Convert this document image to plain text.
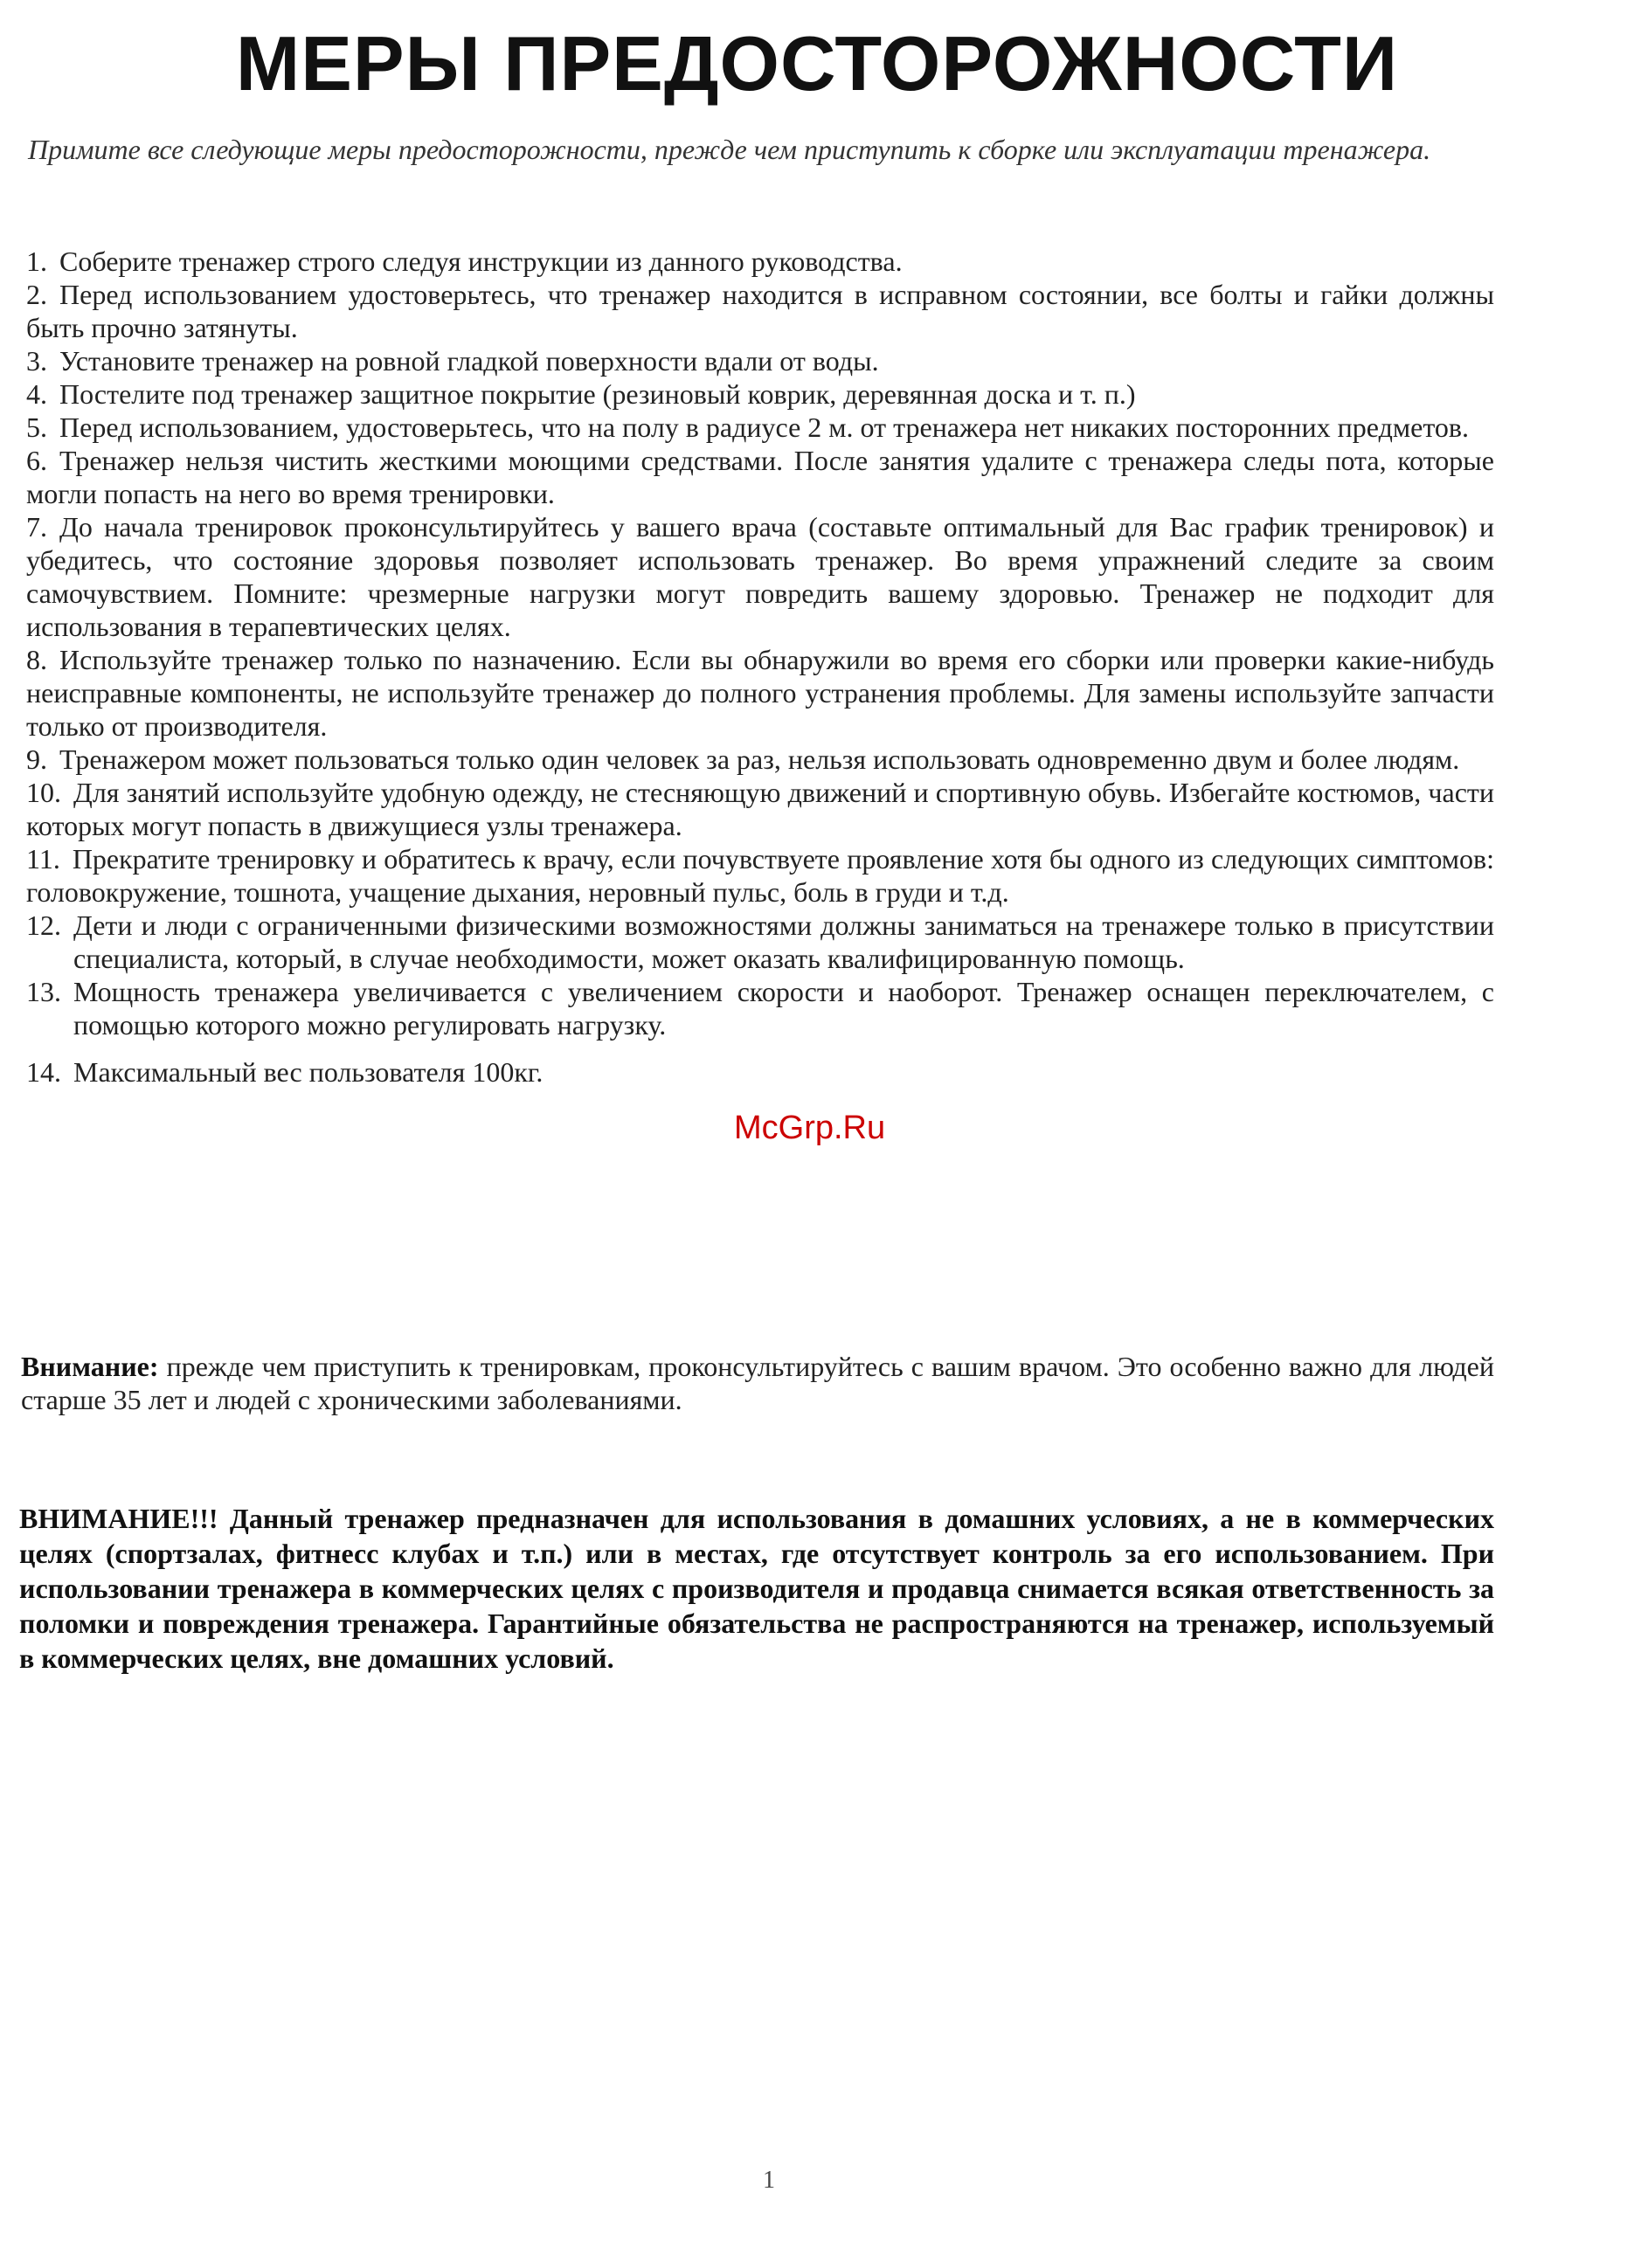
МЕРЫ ПРЕДОСТОРОЖНОСТИ

Примите все следующие меры предосторожности, прежде чем приступить к сборке или эксплуатации тренажера.

1. Соберите тренажер строго следуя инструкции из данного руководства.
2. Перед использованием удостоверьтесь, что тренажер находится в исправном состоянии, все болты и гайки должны быть прочно затянуты.
3. Установите тренажер на ровной гладкой поверхности вдали от воды.
4. Постелите под тренажер защитное покрытие (резиновый коврик, деревянная доска и т. п.)
5. Перед использованием, удостоверьтесь, что на полу в радиусе 2 м. от тренажера нет никаких посторонних предметов.
6. Тренажер нельзя чистить жесткими моющими средствами. После занятия удалите с тренажера следы пота, которые могли попасть на него во время тренировки.
7. До начала тренировок проконсультируйтесь у вашего врача (составьте оптимальный для Вас график тренировок) и убедитесь, что состояние здоровья позволяет использовать тренажер. Во время упражнений следите за своим самочувствием. Помните: чрезмерные нагрузки могут повредить вашему здоровью. Тренажер не подходит для использования в терапевтических целях.
8. Используйте тренажер только по назначению. Если вы обнаружили во время его сборки или проверки какие-нибудь неисправные компоненты, не используйте тренажер до полного устранения проблемы. Для замены используйте запчасти только от производителя.
9. Тренажером может пользоваться только один человек за раз, нельзя использовать одновременно двум и более людям.
10. Для занятий используйте удобную одежду, не стесняющую движений и спортивную обувь. Избегайте костюмов, части которых могут попасть в движущиеся узлы тренажера.
11. Прекратите тренировку и обратитесь к врачу, если почувствуете проявление хотя бы одного из следующих симптомов: головокружение, тошнота, учащение дыхания, неровный пульс, боль в груди и т.д.
12. Дети и люди с ограниченными физическими возможностями должны заниматься на тренажере только в присутствии специалиста, который, в случае необходимости, может оказать квалифицированную помощь.
13. Мощность тренажера увеличивается с увеличением скорости и наоборот. Тренажер оснащен переключателем, с помощью которого можно регулировать нагрузку.
14. Максимальный вес пользователя 100кг.

Внимание: прежде чем приступить к тренировкам, проконсультируйтесь с вашим врачом. Это особенно важно для людей старше 35 лет и людей с хроническими заболеваниями.

ВНИМАНИЕ!!! Данный тренажер предназначен для использования в домашних условиях, а не в коммерческих целях (спортзалах, фитнесс клубах и т.п.) или в местах, где отсутствует контроль за его использованием. При использовании тренажера в коммерческих целях с производителя и продавца снимается всякая ответственность за поломки и повреждения тренажера. Гарантийные обязательства не распространяются на тренажер, используемый в коммерческих целях, вне домашних условий.

McGrp.Ru
1
